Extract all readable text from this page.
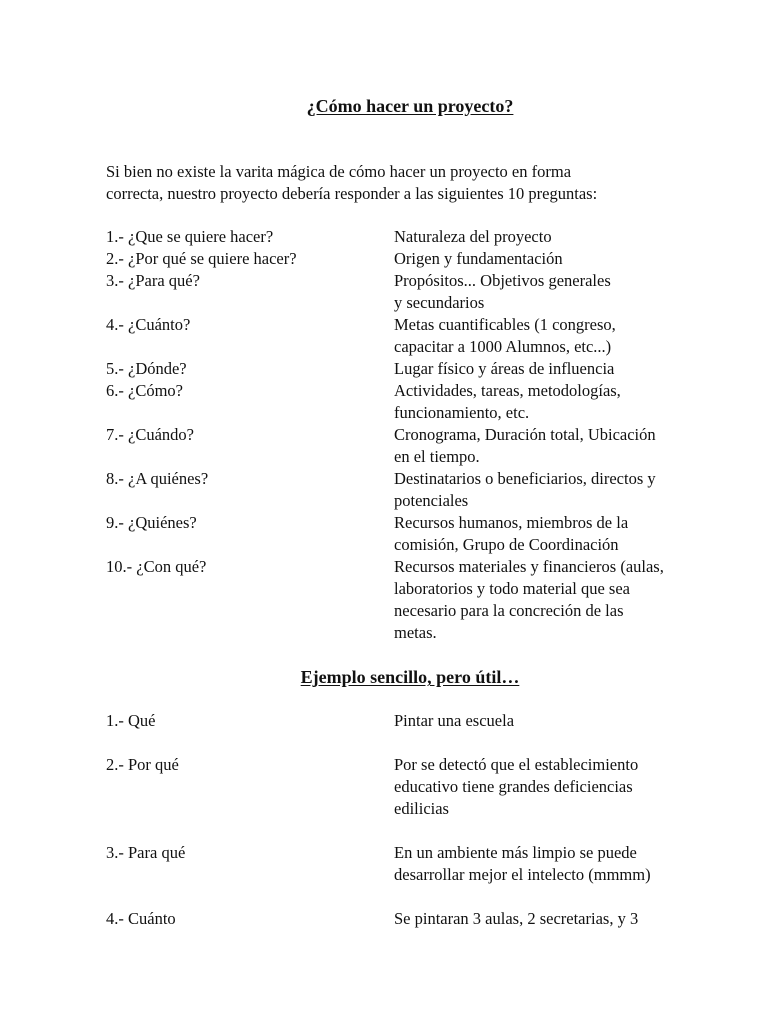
¿Cómo hacer un proyecto?

Si bien no existe la varita mágica de cómo hacer un proyecto en forma

correcta, nuestro proyecto debería responder a las siguientes 10 preguntas:

1.- ¿Que se quiere hacer?	Naturaleza del proyecto
2.- ¿Por qué se quiere hacer?	Origen y fundamentación
3.- ¿Para qué?	Propósitos... Objetivos generales
y secundarios
4.- ¿Cuánto?	Metas cuantificables (1 congreso,
capacitar a 1000 Alumnos, etc...)
5.- ¿Dónde?	Lugar físico y áreas de influencia
6.- ¿Cómo?	Actividades, tareas, metodologías,
funcionamiento, etc.
7.- ¿Cuándo?	Cronograma, Duración total, Ubicación
en el tiempo.
8.- ¿A quiénes?	Destinatarios o beneficiarios, directos y
potenciales
9.- ¿Quiénes?	Recursos humanos, miembros de la
comisión, Grupo de Coordinación
10.- ¿Con qué?	Recursos materiales y financieros (aulas,
laboratorios y todo material que sea
necesario para la concreción de las
metas.
Ejemplo sencillo, pero útil…
1.- Qué	Pintar una escuela
2.- Por qué	Por se detectó que el establecimiento
educativo tiene grandes deficiencias
edilicias
3.- Para qué	En un ambiente más limpio se puede
desarrollar mejor el intelecto (mmmm)
4.- Cuánto	Se pintaran 3 aulas, 2 secretarias, y 3
